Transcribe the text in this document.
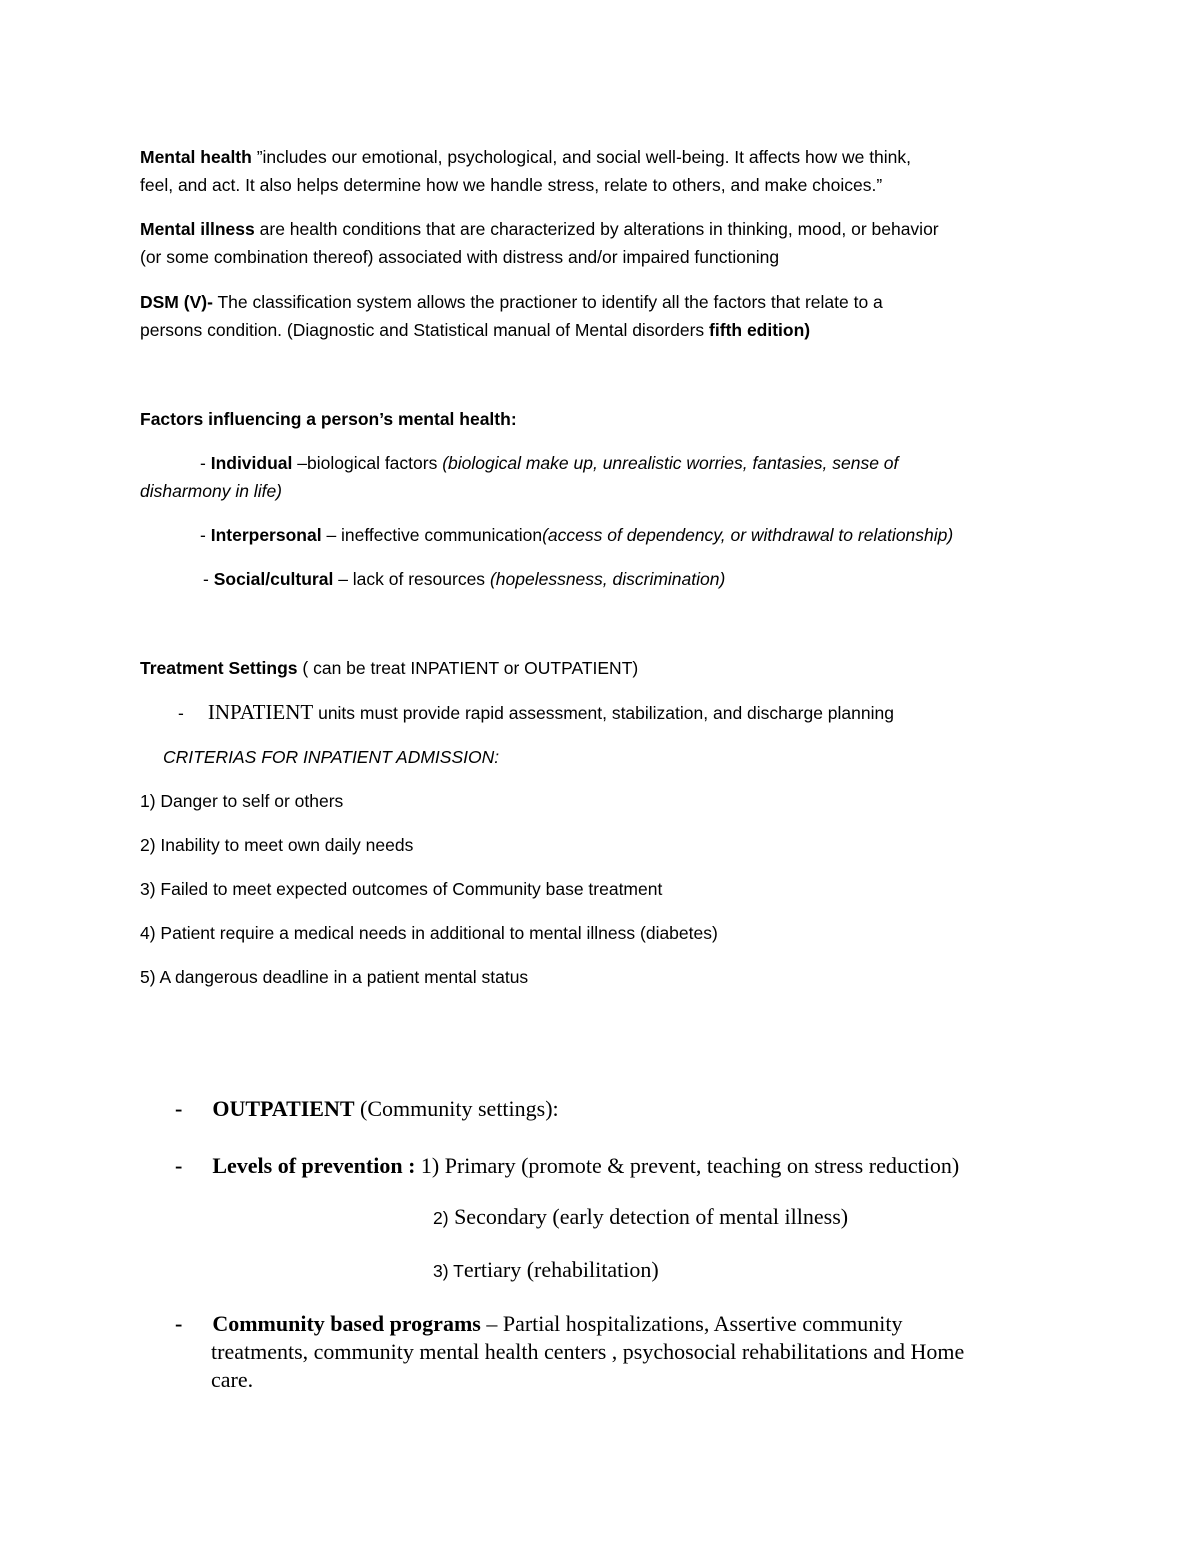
Mental health ”includes our emotional, psychological, and social well-being. It affects how we think,
feel, and act. It also helps determine how we handle stress, relate to others, and make choices.”
Mental illness are health conditions that are characterized by alterations in thinking, mood, or behavior
(or some combination thereof) associated with distress and/or impaired functioning
DSM (V)- The classification system allows the practioner to identify all the factors that relate to a
persons condition. (Diagnostic and Statistical manual of Mental disorders fifth edition)
Factors influencing a person’s mental health:
- Individual –biological factors (biological make up, unrealistic worries, fantasies, sense of
disharmony in life)
- Interpersonal – ineffective communication(access of dependency, or withdrawal to relationship)
- Social/cultural – lack of resources (hopelessness, discrimination)
Treatment Settings ( can be treat INPATIENT or OUTPATIENT)
- INPATIENT units must provide rapid assessment, stabilization, and discharge planning
CRITERIAS FOR INPATIENT ADMISSION:
1) Danger to self or others
2) Inability to meet own daily needs
3) Failed to meet expected outcomes of Community base treatment
4) Patient require a medical needs in additional to mental illness (diabetes)
5) A dangerous deadline in a patient mental status
- OUTPATIENT (Community settings):
- Levels of prevention : 1) Primary (promote & prevent, teaching on stress reduction)
2) Secondary (early detection of mental illness)
3) Tertiary (rehabilitation)
- Community based programs – Partial hospitalizations, Assertive community
treatments, community mental health centers , psychosocial rehabilitations and Home
care.
